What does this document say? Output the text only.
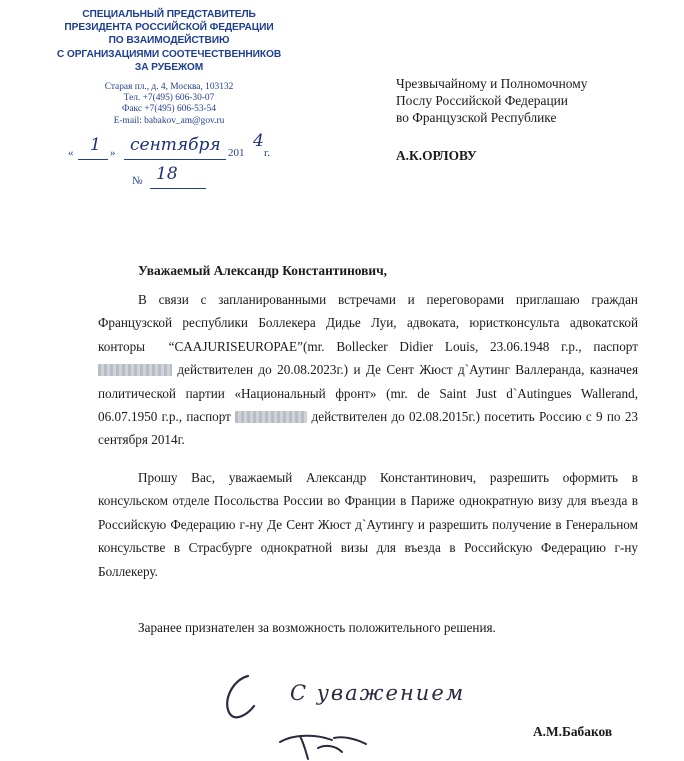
СПЕЦИАЛЬНЫЙ ПРЕДСТАВИТЕЛЬ
ПРЕЗИДЕНТА РОССИЙСКОЙ ФЕДЕРАЦИИ
ПО ВЗАИМОДЕЙСТВИЮ
С ОРГАНИЗАЦИЯМИ СООТЕЧЕСТВЕННИКОВ
ЗА РУБЕЖОМ
Старая пл., д. 4, Москва, 103132
Тел. +7(495) 606-30-07
Факс +7(495) 606-53-54
E-mail: babakov_am@gov.ru
« 1 » сентября 201
4
г.
№ 18
Чрезвычайному и Полномочному
Послу Российской Федерации
во Французской Республике
А.К.ОРЛОВУ
Уважаемый Александр Константинович,
В связи с запланированными встречами и переговорами приглашаю граждан Французской республики Боллекера Дидье Луи, адвоката, юристконсульта адвокатской конторы  “CAAJURISEUROPAE”(mr. Bollecker Didier Louis, 23.06.1948 г.р., паспорт  действителен до 20.08.2023г.) и Де Сент Жюст д`Аутинг Валлеранда, казначея политической партии «Национальный фронт» (mr. de Saint Just d`Autingues Wallerand, 06.07.1950 г.р., паспорт	действителен до 02.08.2015г.) посетить Россию с 9 по 23 сентября 2014г.
Прошу Вас, уважаемый Александр Константинович, разрешить оформить в консульском отделе Посольства России во Франции в Париже однократную визу для въезда в Российскую Федерацию г-ну Де Сент Жюст д`Аутингу и разрешить получение в Генеральном консульстве в Страсбурге однократной визы для въезда в Российскую Федерацию г-ну Боллекеру.
Заранее признателен за возможность положительного решения.
С уважением
А.М.Бабаков
